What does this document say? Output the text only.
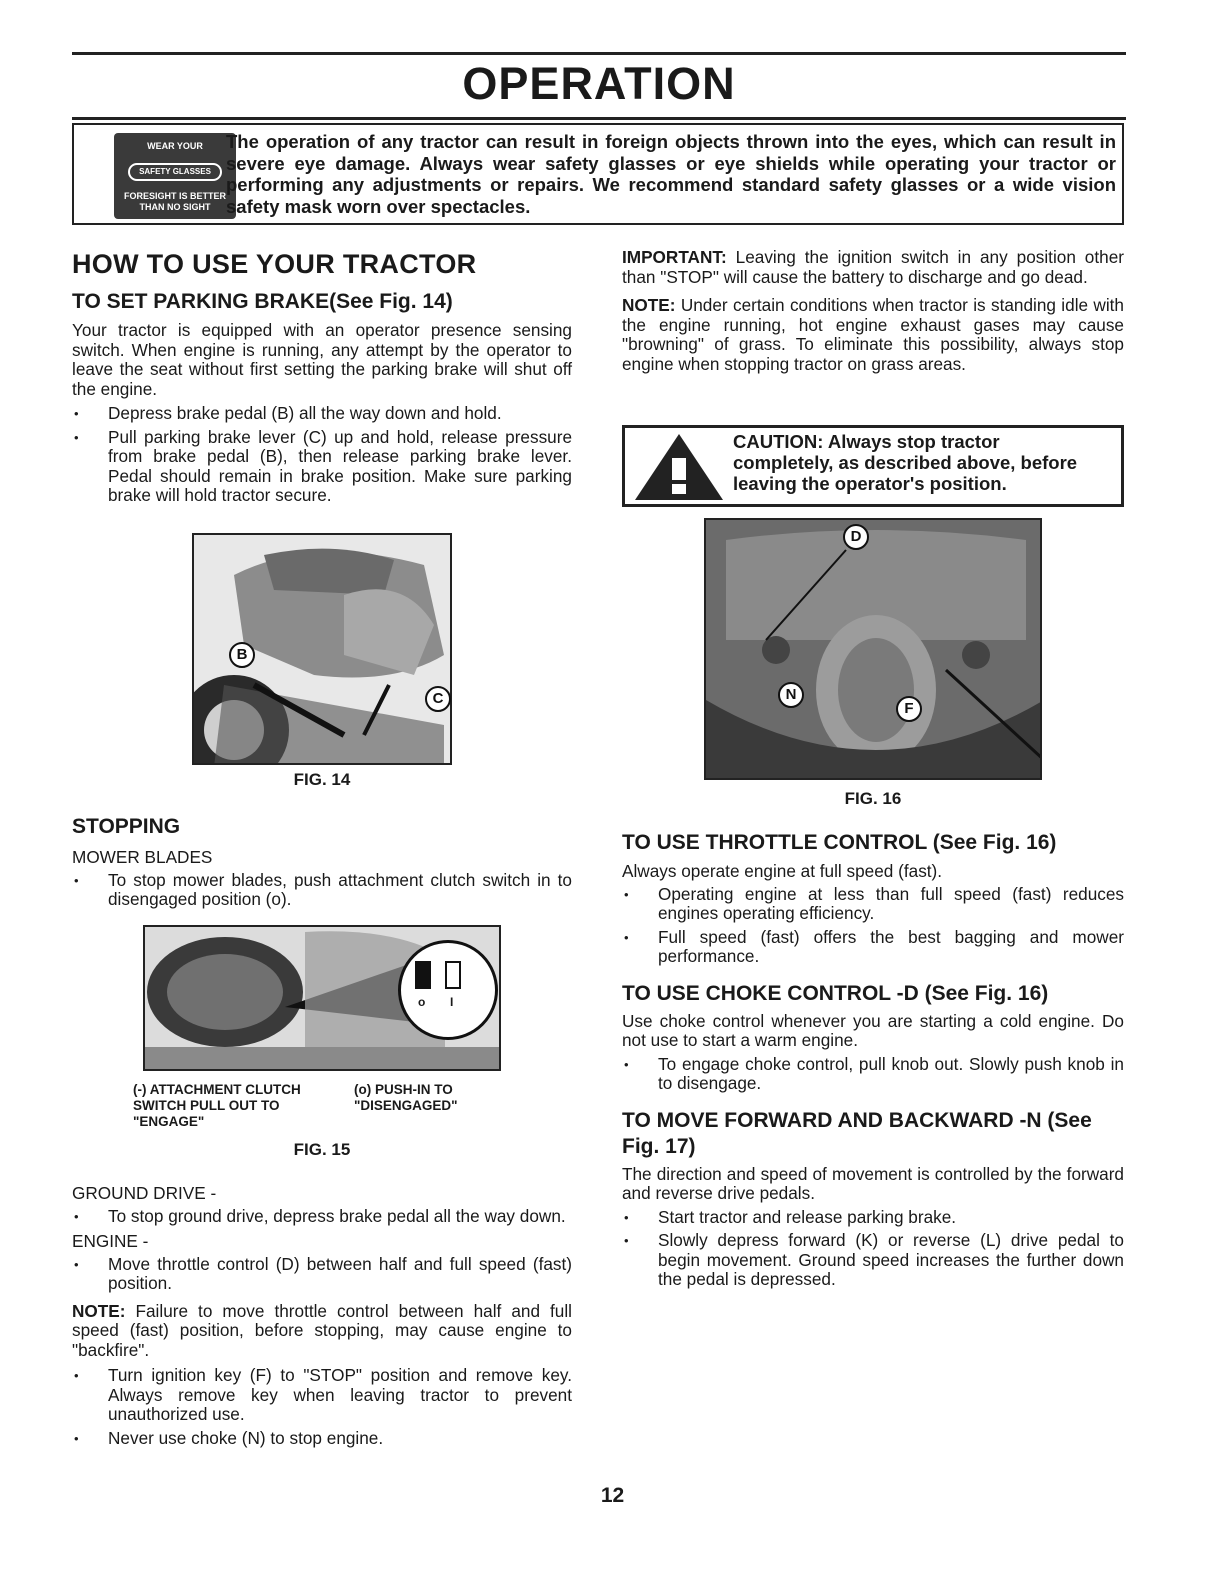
OPERATION
WEAR YOUR
SAFETY GLASSES
FORESIGHT IS BETTER
THAN NO SIGHT
The operation of any tractor can result in foreign objects thrown into the eyes, which can result in severe eye damage. Always wear safety glasses or eye shields while operating your tractor or performing any adjustments or repairs. We recommend standard safety glasses or a wide vision safety mask worn over spectacles.
HOW TO USE YOUR TRACTOR
TO SET PARKING BRAKE(See Fig. 14)

Your tractor is equipped with an operator presence sensing switch. When engine is running, any attempt by the operator to leave the seat without first setting the parking brake will shut off the engine.

• Depress brake pedal (B) all the way down and hold.
• Pull parking brake lever (C) up and hold, release pressure from brake pedal (B), then release parking brake lever. Pedal should remain in brake position. Make sure parking brake will hold tractor secure.
B
C
FIG. 14
STOPPING

MOWER BLADES

• To stop mower blades, push attachment clutch switch in to disengaged position (o).
o I
(-) ATTACHMENT CLUTCH SWITCH PULL OUT TO "ENGAGE"
(o) PUSH-IN TO "DISENGAGED"
FIG. 15

GROUND DRIVE -

• To stop ground drive, depress brake pedal all the way down.

ENGINE -

• Move throttle control (D) between half and full speed (fast) position.

NOTE: Failure to move throttle control between half and full speed (fast) position, before stopping, may cause engine to "backfire".

• Turn ignition key (F) to "STOP" position and remove key. Always remove key when leaving tractor to prevent unauthorized use.
• Never use choke (N) to stop engine.

IMPORTANT: Leaving the ignition switch in any position other than "STOP" will cause the battery to discharge and go dead.

NOTE: Under certain conditions when tractor is standing idle with the engine running, hot engine exhaust gases may cause "browning" of grass. To eliminate this possibility, always stop engine when stopping tractor on grass areas.

CAUTION: Always stop tractor completely, as described above, before leaving the operator's position.
D
N
F
FIG. 16
TO USE THROTTLE CONTROL (See Fig. 16)

Always operate engine at full speed (fast).

• Operating engine at less than full speed (fast) reduces engines operating efficiency.
• Full speed (fast) offers the best bagging and mower performance.
TO USE CHOKE CONTROL -D (See Fig. 16)

Use choke control whenever you are starting a cold engine. Do not use to start a warm engine.

• To engage choke control, pull knob out. Slowly push knob in to disengage.
TO MOVE FORWARD AND BACKWARD -N (See Fig. 17)

The direction and speed of movement is controlled by the forward and reverse drive pedals.

• Start tractor and release parking brake.
• Slowly depress forward (K) or reverse (L) drive pedal to begin movement. Ground speed increases the further down the pedal is depressed.
12
